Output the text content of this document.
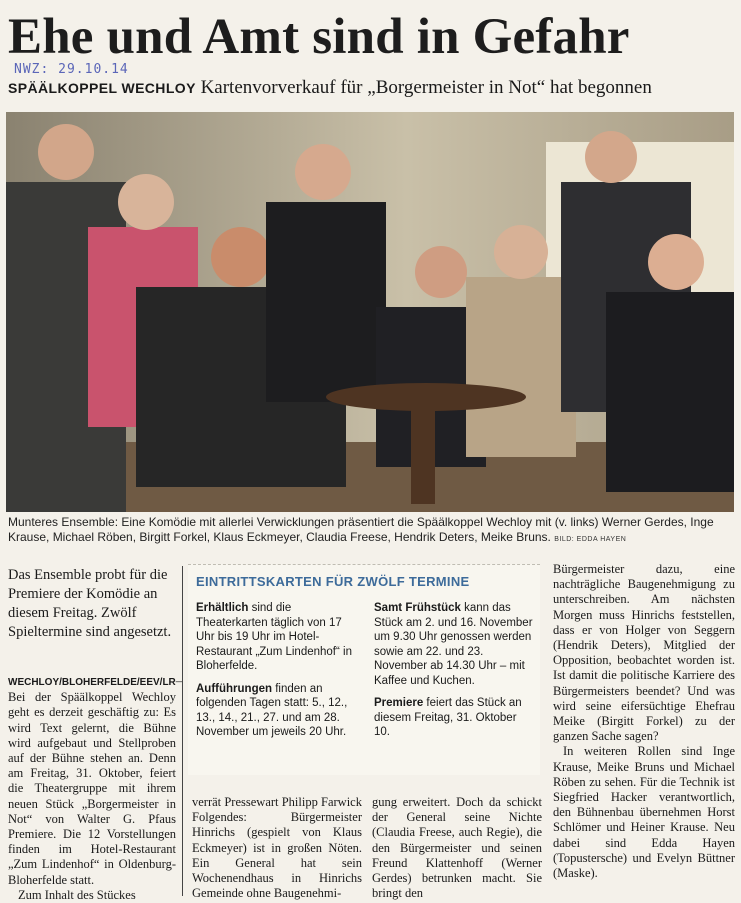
Ehe und Amt sind in Gefahr
NWZ: 29.10.14
SPÄÄLKOPPEL WECHLOY Kartenvorverkauf für „Borgermeister in Not“ hat begonnen
Munteres Ensemble: Eine Komödie mit allerlei Verwicklungen präsentiert die Späälkoppel Wechloy mit (v. links) Werner Gerdes, Inge Krause, Michael Röben, Birgitt Forkel, Klaus Eckmeyer, Claudia Freese, Hendrik Deters, Meike Bruns. BILD: EDDA HAYEN
Das Ensemble probt für die Premiere der Komödie an diesem Freitag. Zwölf Spieltermine sind angesetzt.
WECHLOY/BLOHERFELDE/EEV/LR– Bei der Späälkoppel Wechloy geht es derzeit geschäftig zu: Es wird Text gelernt, die Bühne wird aufgebaut und Stellproben auf der Bühne stehen an. Denn am Freitag, 31. Oktober, feiert die Theatergruppe mit ihrem neuen Stück „Borgermeister in Not“ von Walter G. Pfaus Premiere. Die 12 Vorstellungen finden im Hotel-Restaurant „Zum Lindenhof“ in Oldenburg-Bloherfelde statt.
Zum Inhalt des Stückes
EINTRITTSKARTEN FÜR ZWÖLF TERMINE

Erhältlich sind die Theaterkarten täglich von 17 Uhr bis 19 Uhr im Hotel-Restaurant „Zum Lindenhof“ in Bloherfelde.

Aufführungen finden an folgenden Tagen statt: 5., 12., 13., 14., 21., 27. und am 28. November um jeweils 20 Uhr.

Samt Frühstück kann das Stück am 2. und 16. November um 9.30 Uhr genossen werden sowie am 22. und 23. November ab 14.30 Uhr – mit Kaffee und Kuchen.

Premiere feiert das Stück an diesem Freitag, 31. Oktober 10.

verrät Pressewart Philipp Farwick Folgendes: Bürgermeister Hinrichs (gespielt von Klaus Eckmeyer) ist in großen Nöten. Ein General hat sein Wochenendhaus in Hinrichs Gemeinde ohne Baugenehmi-
gung erweitert. Doch da schickt der General seine Nichte (Claudia Freese, auch Regie), die den Bürgermeister und seinen Freund Klattenhoff (Werner Gerdes) betrunken macht. Sie bringt den
Bürgermeister dazu, eine nachträgliche Baugenehmigung zu unterschreiben. Am nächsten Morgen muss Hinrichs feststellen, dass er von Holger von Seggern (Hendrik Deters), Mitglied der Opposition, beobachtet worden ist. Ist damit die politische Karriere des Bürgermeisters beendet? Und was wird seine eifersüchtige Ehefrau Meike (Birgitt Forkel) zu der ganzen Sache sagen?
In weiteren Rollen sind Inge Krause, Meike Bruns und Michael Röben zu sehen. Für die Technik ist Siegfried Hacker verantwortlich, den Bühnenbau übernehmen Horst Schlömer und Heiner Krause. Neu dabei sind Edda Hayen (Topusterschе) und Evelyn Büttner (Maske).
